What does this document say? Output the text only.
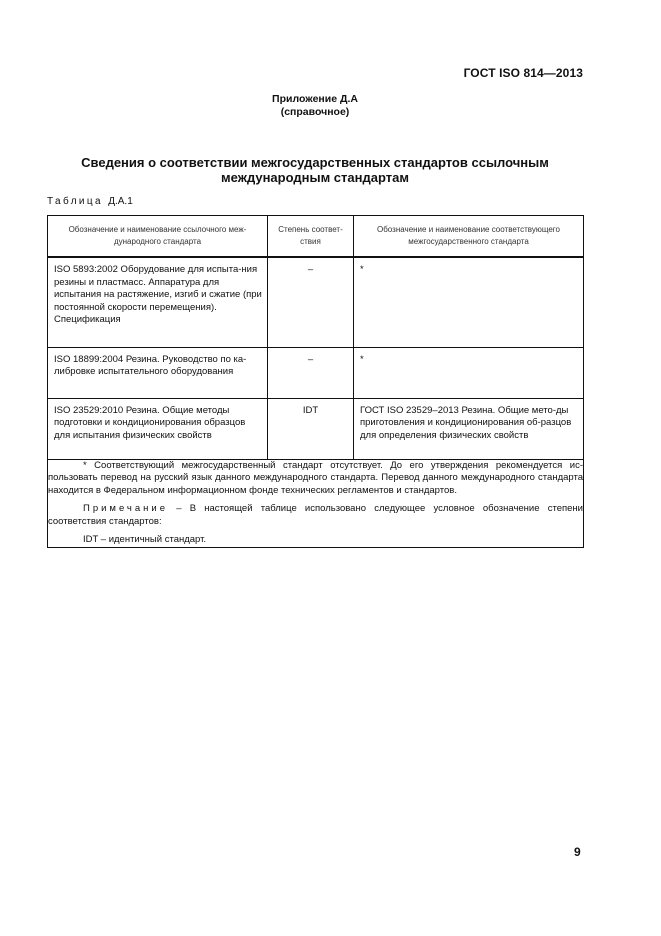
ГОСТ ISO 814—2013
Приложение Д.А
(справочное)
Сведения о соответствии межгосударственных стандартов ссылочным
международным стандартам
Таблица Д.А.1
Обозначение и наименование ссылочного меж-дународного стандарта	Степень соответ-ствия	Обозначение и наименование соответствующего межгосударственного стандарта

ISO 5893:2002 Оборудование для испыта-ния резины и пластмасс. Аппаратура для испытания на растяжение, изгиб и сжатие (при постоянной скорости перемещения). Спецификация	–	*

ISO 18899:2004 Резина. Руководство по ка-либровке испытательного оборудования	–	*

ISO 23529:2010 Резина. Общие методы подготовки и кондиционирования образцов для испытания физических свойств	IDT	ГОСТ ISO 23529–2013 Резина. Общие мето-ды приготовления и кондиционирования об-разцов для определения физических свойств

* Соответствующий межгосударственный стандарт отсутствует. До его утверждения рекомендуется ис-пользовать перевод на русский язык данного международного стандарта. Перевод данного международного стандарта находится в Федеральном информационном фонде технических регламентов и стандартов.

Примечание – В настоящей таблице использовано следующее условное обозначение степени соответствия стандартов:

IDT – идентичный стандарт.		

9
